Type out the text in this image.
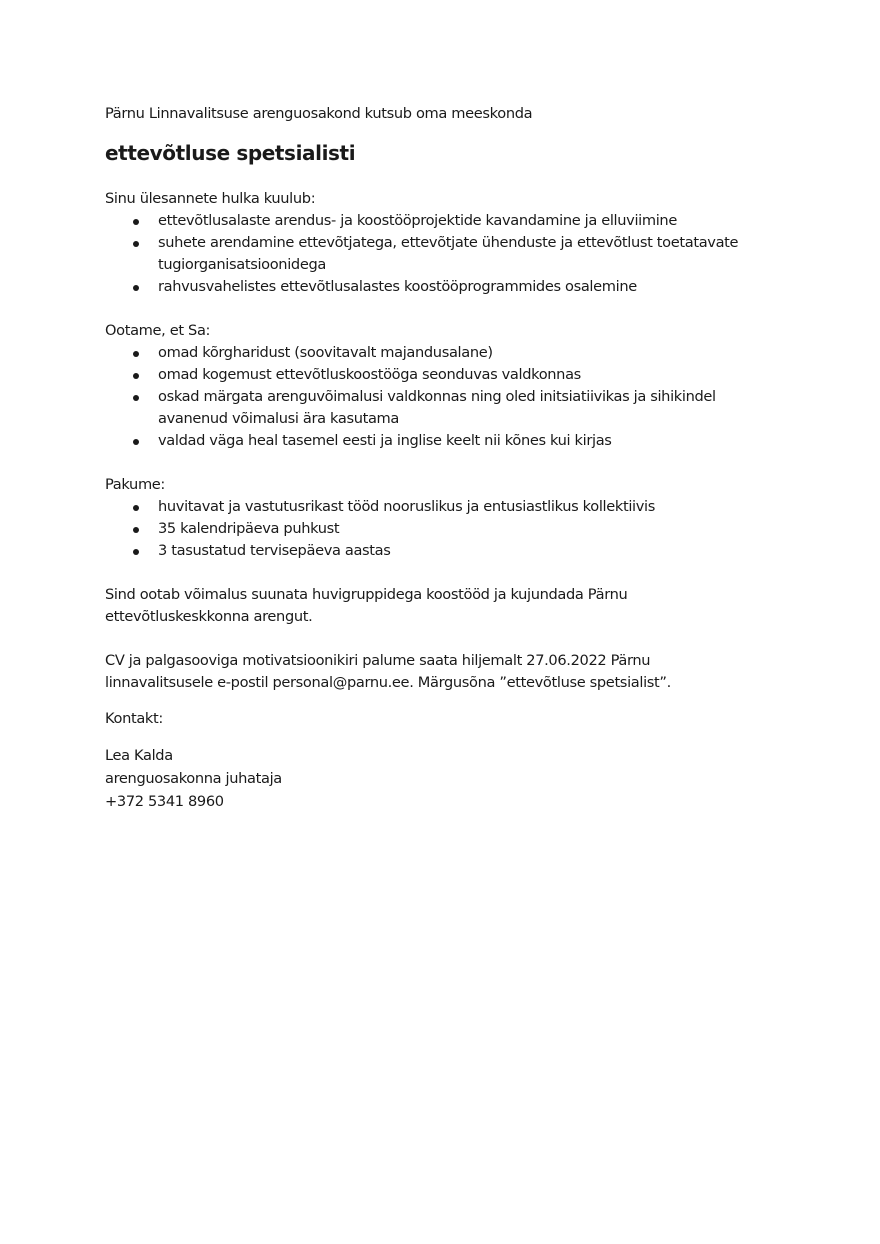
Pärnu Linnavalitsuse arenguosakond kutsub oma meeskonda

ettevõtluse spetsialisti

Sinu ülesannete hulka kuulub:

ettevõtlusalaste arendus- ja koostööprojektide kavandamine ja elluviimine
suhete arendamine ettevõtjatega, ettevõtjate ühenduste ja ettevõtlust toetatavate tugiorganisatsioonidega
rahvusvahelistes ettevõtlusalastes koostööprogrammides osalemine

Ootame, et Sa:

omad kõrgharidust (soovitavalt majandusalane)
omad kogemust ettevõtluskoostööga seonduvas valdkonnas
oskad märgata arenguvõimalusi valdkonnas ning oled initsiatiivikas ja sihikindel avanenud võimalusi ära kasutama
valdad väga heal tasemel eesti ja inglise keelt nii kõnes kui kirjas

Pakume:

huvitavat ja vastutusrikast tööd nooruslikus ja entusiastlikus kollektiivis
35 kalendripäeva puhkust
3 tasustatud tervisepäeva aastas

Sind ootab võimalus suunata huvigruppidega koostööd ja kujundada Pärnu

ettevõtluskeskkonna arengut.

CV ja palgasooviga motivatsioonikiri palume saata hiljemalt 27.06.2022 Pärnu

linnavalitsusele e-postil personal@parnu.ee. Märgusõna ”ettevõtluse spetsialist”.

Kontakt:

Lea Kalda

arenguosakonna juhataja

+372 5341 8960
